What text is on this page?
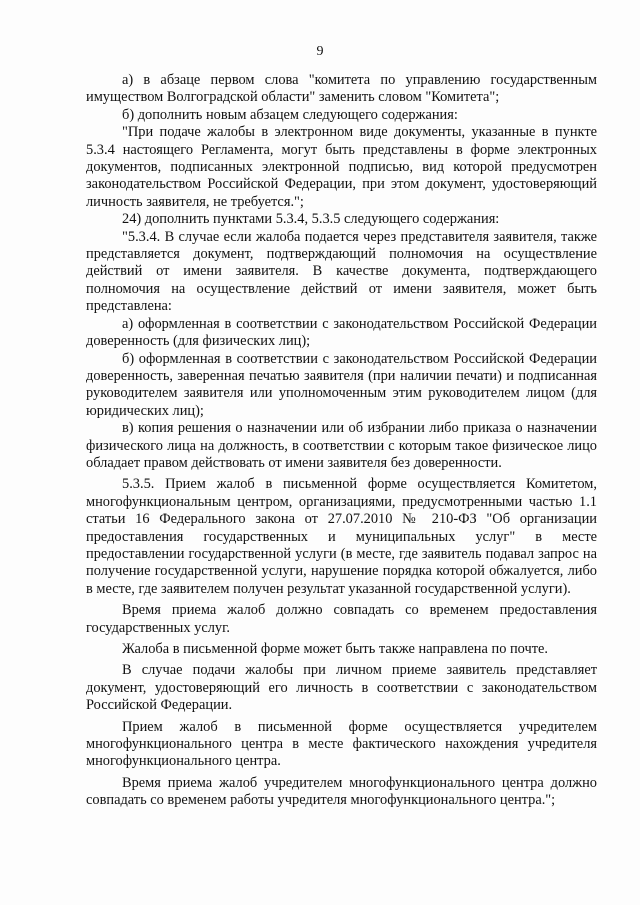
9

а) в абзаце первом слова "комитета по управлению государственным имуществом Волгоградской области" заменить словом "Комитета";

б) дополнить новым абзацем следующего содержания:

"При подаче жалобы в электронном виде документы, указанные в пункте 5.3.4 настоящего Регламента, могут быть представлены в форме электронных документов, подписанных электронной подписью, вид которой предусмотрен законодательством Российской Федерации, при этом документ, удостоверяющий личность заявителя, не требуется.";

24) дополнить пунктами 5.3.4, 5.3.5 следующего содержания:

"5.3.4. В случае если жалоба подается через представителя заявителя, также представляется документ, подтверждающий полномочия на осуществление действий от имени заявителя. В качестве документа, подтверждающего полномочия на осуществление действий от имени заявителя, может быть представлена:

а) оформленная в соответствии с законодательством Российской Федерации доверенность (для физических лиц);

б) оформленная в соответствии с законодательством Российской Федерации доверенность, заверенная печатью заявителя (при наличии печати) и подписанная руководителем заявителя или уполномоченным этим руководителем лицом (для юридических лиц);

в) копия решения о назначении или об избрании либо приказа о назначении физического лица на должность, в соответствии с которым такое физическое лицо обладает правом действовать от имени заявителя без доверенности.

5.3.5. Прием жалоб в письменной форме осуществляется Комитетом, многофункциональным центром, организациями, предусмотренными частью 1.1 статьи 16 Федерального закона от 27.07.2010 № 210-ФЗ "Об организации предоставления государственных и муниципальных услуг" в месте предоставлении государственной услуги (в месте, где заявитель подавал запрос на получение государственной услуги, нарушение порядка которой обжалуется, либо в месте, где заявителем получен результат указанной государственной услуги).

Время приема жалоб должно совпадать со временем предоставления государственных услуг.

Жалоба в письменной форме может быть также направлена по почте.

В случае подачи жалобы при личном приеме заявитель представляет документ, удостоверяющий его личность в соответствии с законодательством Российской Федерации.

Прием жалоб в письменной форме осуществляется учредителем многофункционального центра в месте фактического нахождения учредителя многофункционального центра.

Время приема жалоб учредителем многофункционального центра должно совпадать со временем работы учредителя многофункционального центра.";
